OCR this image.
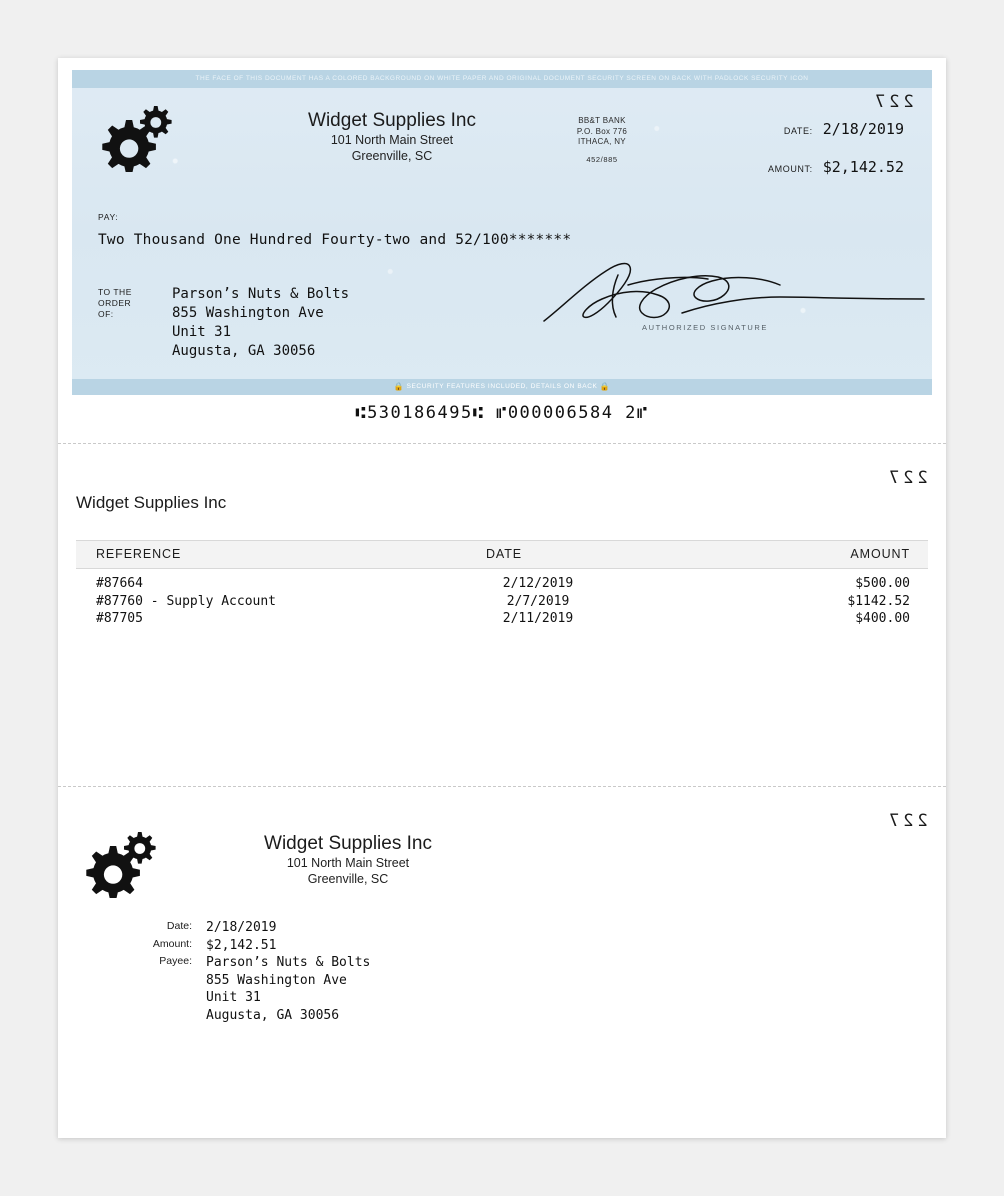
THE FACE OF THIS DOCUMENT HAS A COLORED BACKGROUND ON WHITE PAPER AND ORIGINAL DOCUMENT SECURITY SCREEN ON BACK WITH PADLOCK SECURITY ICON
227
Widget Supplies Inc
101 North Main Street
Greenville, SC
BB&T BANK
P.O. Box 776
ITHACA, NY
452/885
DATE: 2/18/2019
AMOUNT: $2,142.52
PAY:
Two Thousand One Hundred Fourty-two and 52/100*******
TO THE
ORDER
OF:
Parson’s Nuts & Bolts
855 Washington Ave
Unit 31
Augusta, GA 30056
AUTHORIZED SIGNATURE
🔒 SECURITY FEATURES INCLUDED, DETAILS ON BACK 🔒
⑆530186495⑆ ⑈000006584 2⑈
227
Widget Supplies Inc
REFERENCE	DATE	AMOUNT
#87664	2/12/2019	$500.00
#87760 - Supply Account	2/7/2019	$1142.52
#87705	2/11/2019	$400.00
227
Widget Supplies Inc
101 North Main Street
Greenville, SC
Date: 2/18/2019
Amount: $2,142.51
Payee: Parson’s Nuts & Bolts
855 Washington Ave
Unit 31
Augusta, GA 30056
